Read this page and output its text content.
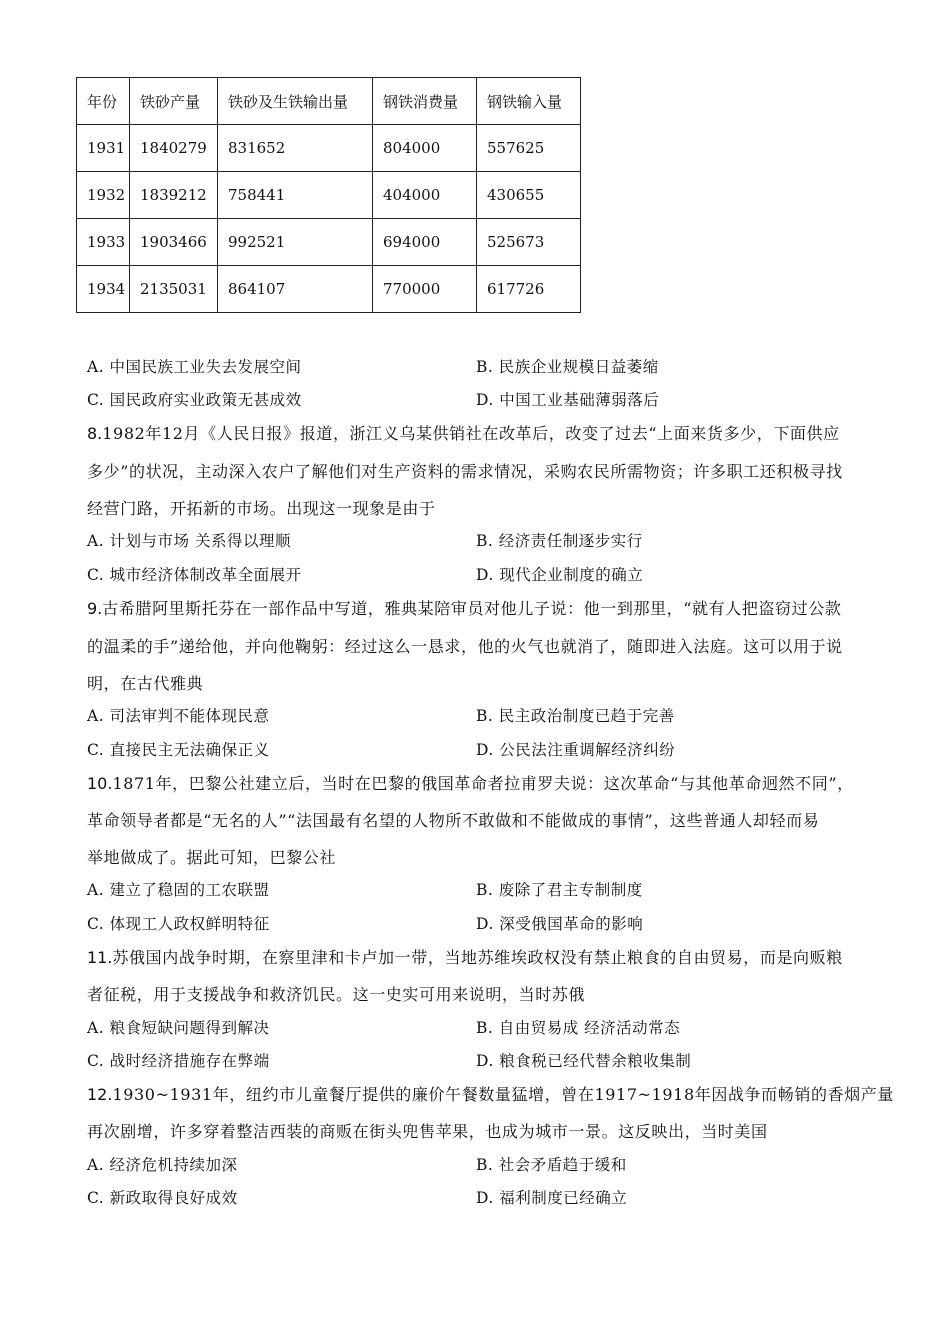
年份	铁砂产量	铁砂及生铁输出量	钢铁消费量	钢铁输入量
1931	1840279	831652	804000	557625
1932	1839212	758441	404000	430655
1933	1903466	992521	694000	525673
1934	2135031	864107	770000	617726
A. 中国民族工业失去发展空间	B. 民族企业规模日益萎缩
C. 国民政府实业政策无甚成效	D. 中国工业基础薄弱落后
8.1982年12月《人民日报》报道，浙江义乌某供销社在改革后，改变了过去“上面来货多少，下面供应
多少”的状况，主动深入农户了解他们对生产资料的需求情况，采购农民所需物资；许多职工还积极寻找
经营门路，开拓新的市场。出现这一现象是由于
A. 计划与市场 关系得以理顺	B. 经济责任制逐步实行
C. 城市经济体制改革全面展开	D. 现代企业制度的确立
9.古希腊阿里斯托芬在一部作品中写道，雅典某陪审员对他儿子说：他一到那里，“就有人把盗窃过公款
的温柔的手”递给他，并向他鞠躬：经过这么一恳求，他的火气也就消了，随即进入法庭。这可以用于说
明，在古代雅典
A. 司法审判不能体现民意	B. 民主政治制度已趋于完善
C. 直接民主无法确保正义	D. 公民法注重调解经济纠纷
10.1871年，巴黎公社建立后，当时在巴黎的俄国革命者拉甫罗夫说：这次革命“与其他革命迥然不同”，
革命领导者都是“无名的人”“法国最有名望的人物所不敢做和不能做成的事情”，这些普通人却轻而易
举地做成了。据此可知，巴黎公社
A. 建立了稳固的工农联盟	B. 废除了君主专制制度
C. 体现工人政权鲜明特征	D. 深受俄国革命的影响
11.苏俄国内战争时期，在察里津和卡卢加一带，当地苏维埃政权没有禁止粮食的自由贸易，而是向贩粮
者征税，用于支援战争和救济饥民。这一史实可用来说明，当时苏俄
A. 粮食短缺问题得到解决	B. 自由贸易成 经济活动常态
C. 战时经济措施存在弊端	D. 粮食税已经代替余粮收集制
12.1930~1931年，纽约市儿童餐厅提供的廉价午餐数量猛增，曾在1917~1918年因战争而畅销的香烟产量
再次剧增，许多穿着整洁西装的商贩在街头兜售苹果，也成为城市一景。这反映出，当时美国
A. 经济危机持续加深	B. 社会矛盾趋于缓和
C. 新政取得良好成效	D. 福利制度已经确立
